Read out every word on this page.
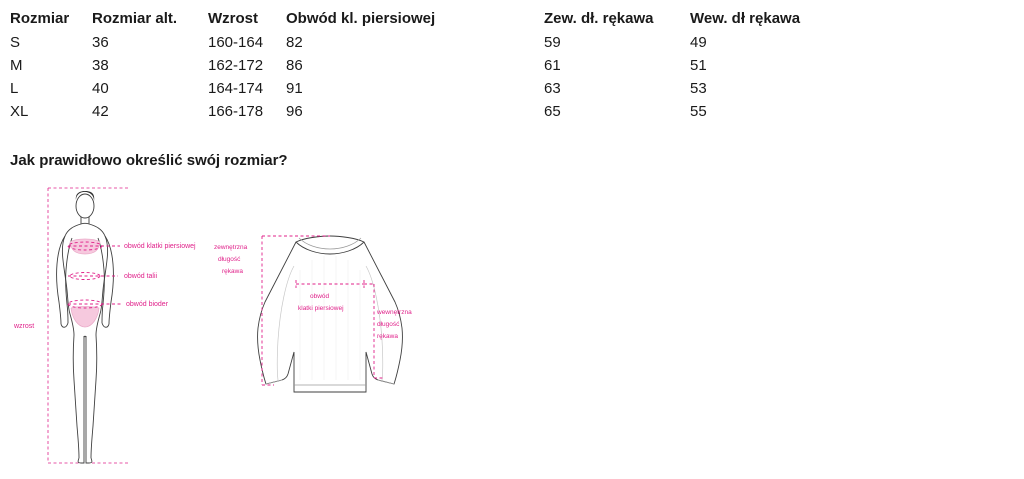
Rozmiar	Rozmiar alt.	Wzrost	Obwód kl. piersiowej	Zew. dł. rękawa	Wew. dł rękawa
S	36	160-164	82	59	49
M	38	162-172	86	61	51
L	40	164-174	91	63	53
XL	42	166-178	96	65	55
Jak prawidłowo określić swój rozmiar?
obwód klatki piersiowej
obwód talii
obwód bioder
wzrost
zewnętrzna
długość
rękawa
obwód
klatki piersiowej
wewnętrzna
długość
rękawa
